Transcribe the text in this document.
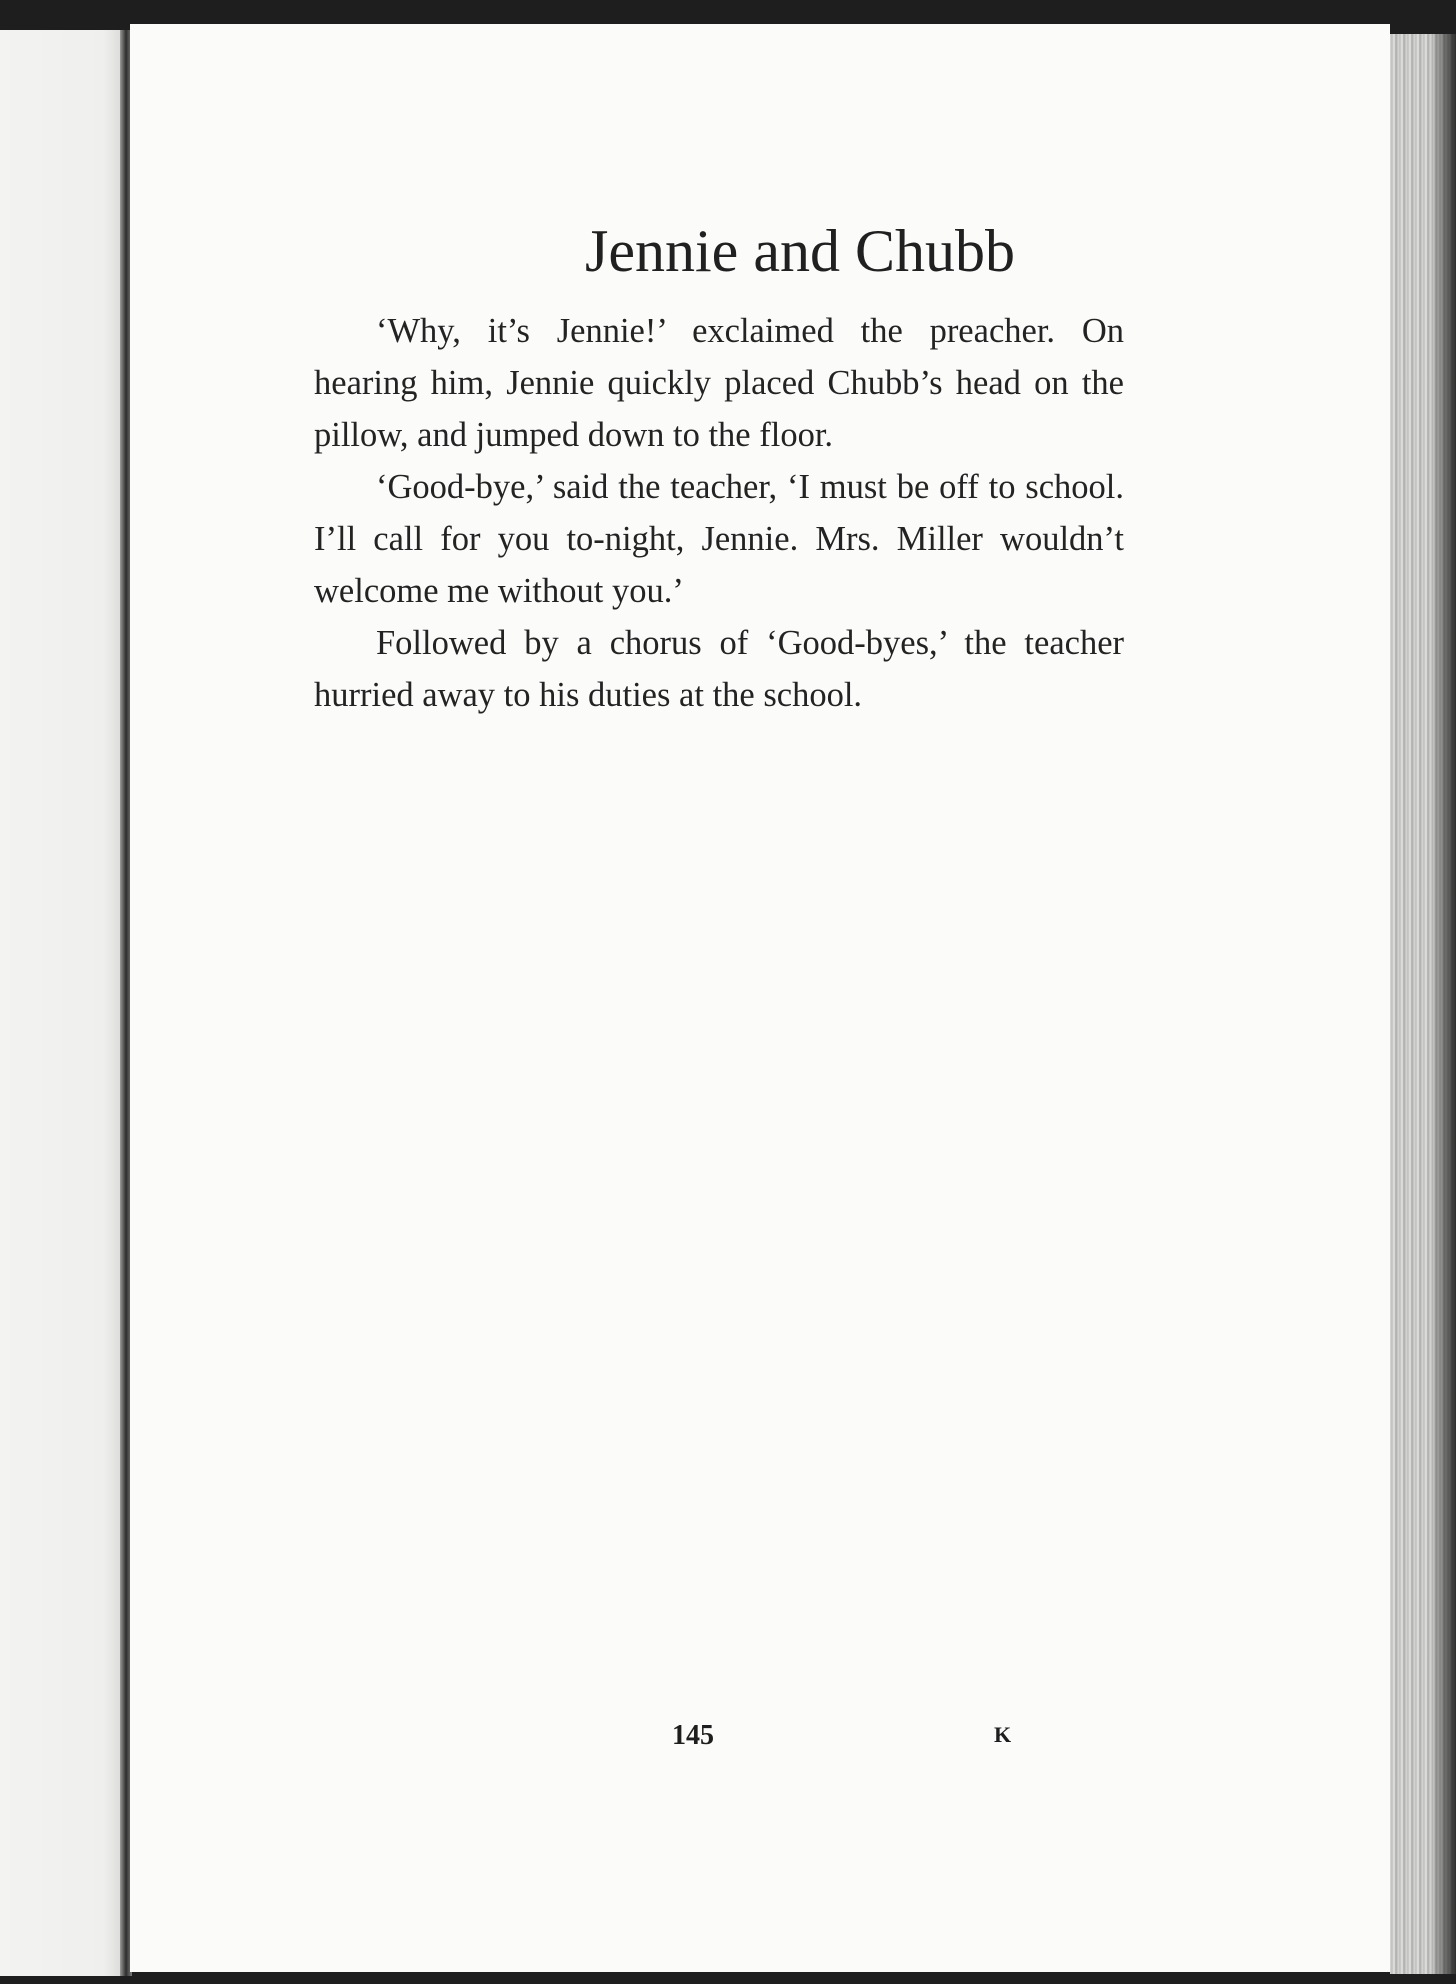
Jennie and Chubb

‘Why, it’s Jennie!’ exclaimed the preacher. On hearing him, Jennie quickly placed Chubb’s head on the pillow, and jumped down to the floor.

‘Good-bye,’ said the teacher, ‘I must be off to school. I’ll call for you to-night, Jennie. Mrs. Miller wouldn’t welcome me without you.’

Followed by a chorus of ‘Good-byes,’ the teacher hurried away to his duties at the school.

145	K
